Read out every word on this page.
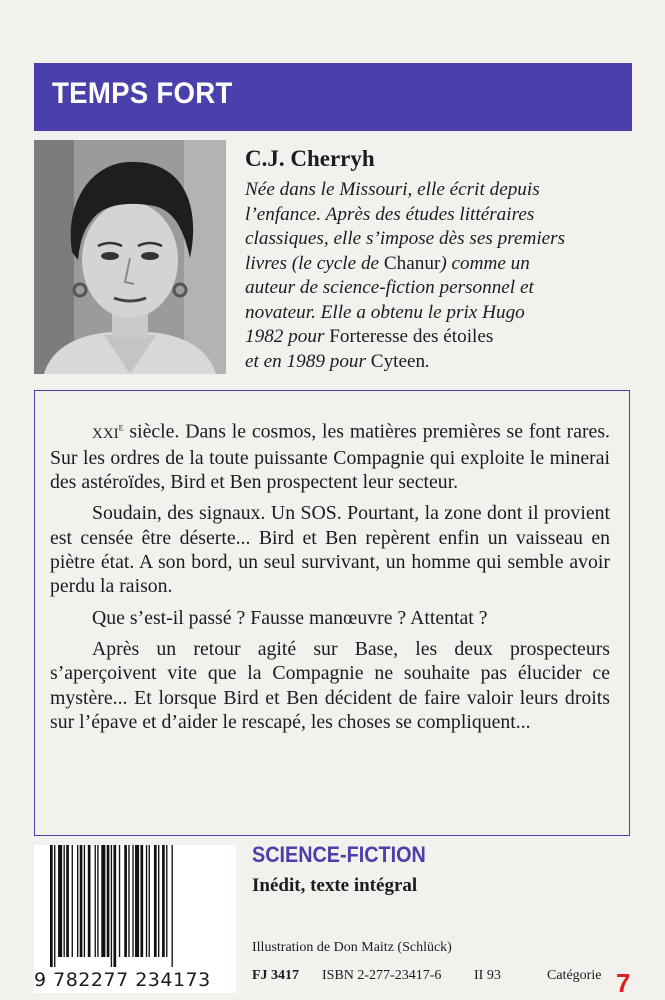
TEMPS FORT
C.J. Cherryh
Née dans le Missouri, elle écrit depuis
l’enfance. Après des études littéraires
classiques, elle s’impose dès ses premiers
livres (le cycle de Chanur) comme un
auteur de science-fiction personnel et
novateur. Elle a obtenu le prix Hugo
1982 pour Forteresse des étoiles
et en 1989 pour Cyteen.

XXIe siècle. Dans le cosmos, les matières premières se font rares. Sur les ordres de la toute puissante Compagnie qui exploite le minerai des astéroïdes, Bird et Ben prospectent leur secteur.

Soudain, des signaux. Un SOS. Pourtant, la zone dont il provient est censée être déserte... Bird et Ben repèrent enfin un vaisseau en piètre état. A son bord, un seul survivant, un homme qui semble avoir perdu la raison.

Que s’est-il passé ? Fausse manœuvre ? Attentat ?

Après un retour agité sur Base, les deux prospecteurs s’aperçoivent vite que la Compagnie ne souhaite pas élucider ce mystère... Et lorsque Bird et Ben décident de faire valoir leurs droits sur l’épave et d’aider le rescapé, les choses se compliquent...

9 782277 234173
SCIENCE-FICTION
Inédit, texte intégral
Illustration de Don Maitz (Schlück)
FJ 3417 ISBN 2-277-23417-6 II 93	Catégorie 7
